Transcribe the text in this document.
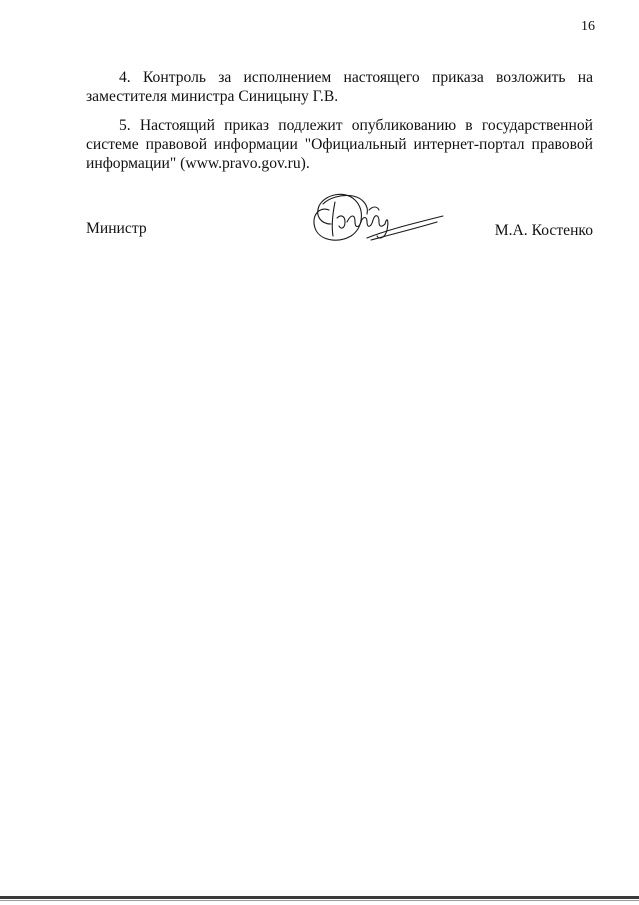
16

4. Контроль за исполнением настоящего приказа возложить на заместителя министра Синицыну Г.В.

5. Настоящий приказ подлежит опубликованию в государственной системе правовой информации "Официальный интернет-портал правовой информации" (www.pravo.gov.ru).

Министр	М.А. Костенко
